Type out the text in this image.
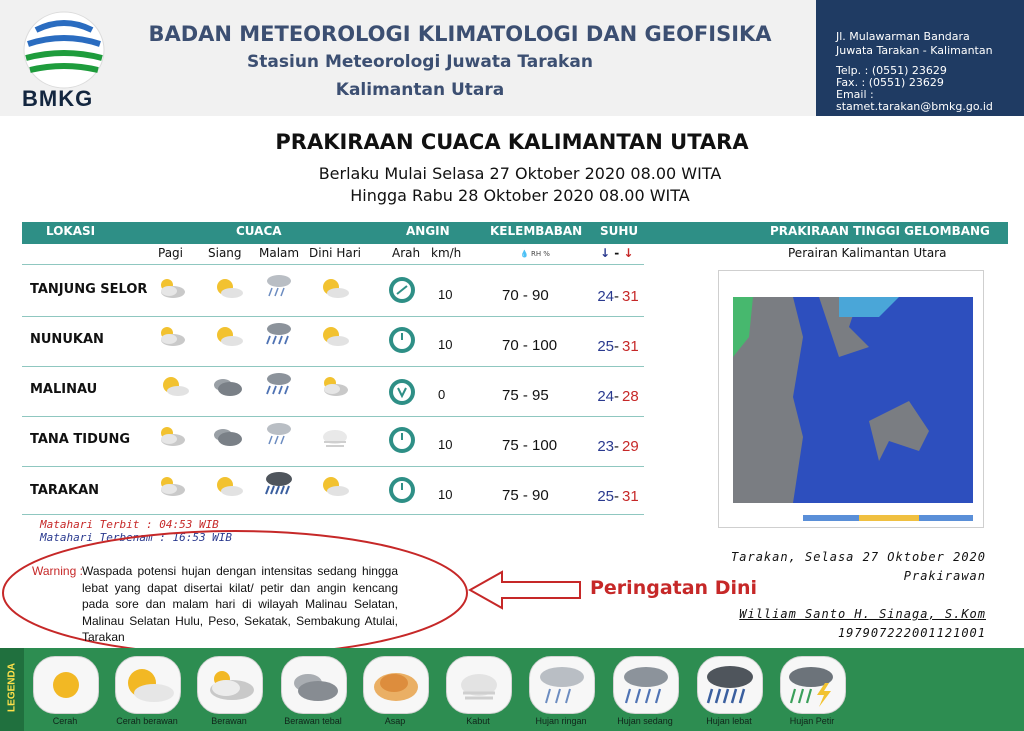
BMKG
BADAN METEOROLOGI KLIMATOLOGI DAN GEOFISIKA
Stasiun Meteorologi Juwata Tarakan
Kalimantan Utara
Jl. Mulawarman Bandara
Juwata Tarakan - Kalimantan
Telp. : (0551) 23629
Fax. : (0551) 23629
Email :
stamet.tarakan@bmkg.go.id
PRAKIRAAN CUACA KALIMANTAN UTARA
Berlaku Mulai Selasa 27 Oktober 2020 08.00 WITA
Hingga Rabu 28 Oktober 2020 08.00 WITA
LOKASI	CUACA	ANGIN	KELEMBABAN SUHU	PRAKIRAAN TINGGI GELOMBANG
Pagi Siang Malam Dini Hari	Arah km/h	💧 RH %	↓ - ↓	Perairan Kalimantan Utara
TANJUNG SELOR	10	70 - 90	24 - 31
NUNUKAN	10	70 - 100	25 - 31
MALINAU	0	75 - 95	24 - 28
TANA TIDUNG	10	75 - 100	23 - 29
TARAKAN	10	75 - 90	25 - 31
Matahari Terbit : 04:53 WIB
Matahari Terbenam : 16:53 WIB
Warning : Waspada potensi hujan dengan intensitas sedang hingga lebat yang dapat disertai kilat/ petir dan angin kencang pada sore dan malam hari di wilayah Malinau Selatan, Malinau Selatan Hulu, Peso, Sekatak, Sembakung Atulai, Tarakan
Peringatan Dini
Tarakan, Selasa 27 Oktober 2020
Prakirawan
William Santo H. Sinaga, S.Kom
197907222001121001
LEGENDA
Cerah	Cerah berawan	Berawan	Berawan tebal	Asap	Kabut	Hujan ringan	Hujan sedang	Hujan lebat	Hujan Petir
